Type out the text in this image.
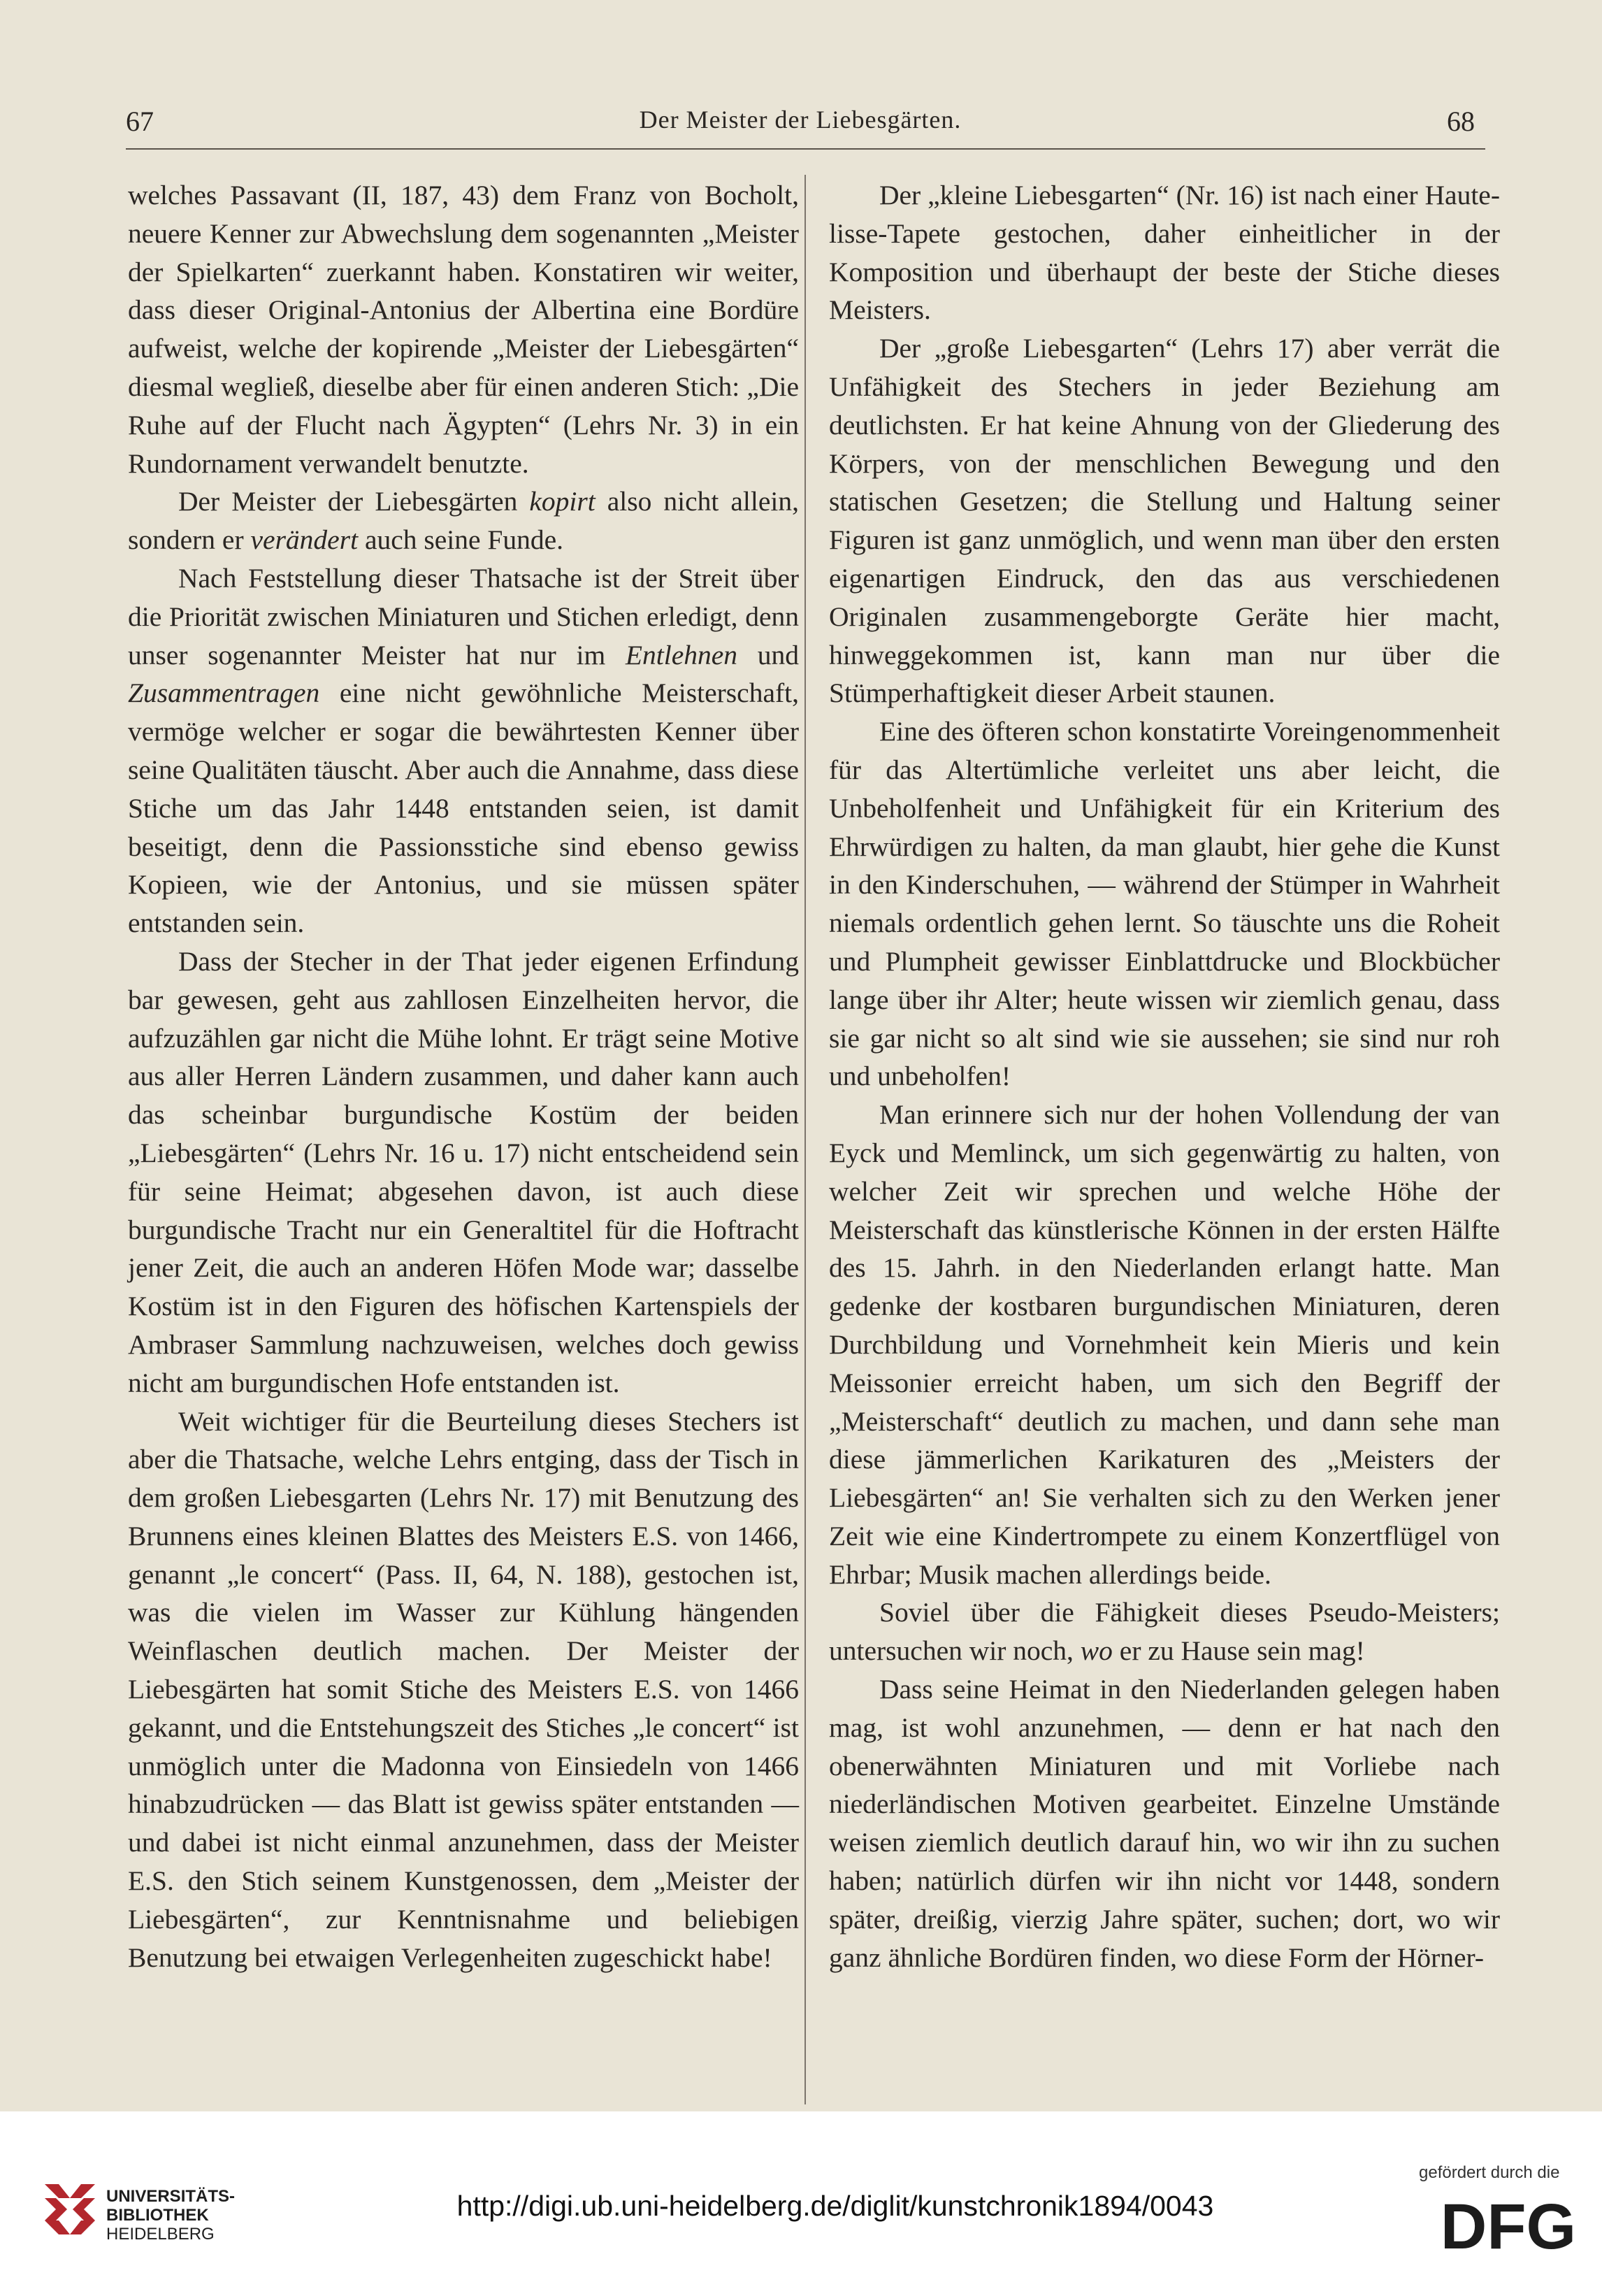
67	Der Meister der Liebesgärten.	68

welches Passavant (II, 187, 43) dem Franz von Bocholt, neuere Kenner zur Abwechslung dem sogenannten „Meister der Spielkarten“ zuerkannt haben. Konstatiren wir weiter, dass dieser Original-Antonius der Albertina eine Bordüre aufweist, welche der kopirende „Meister der Liebesgärten“ diesmal wegließ, dieselbe aber für einen anderen Stich: „Die Ruhe auf der Flucht nach Ägypten“ (Lehrs Nr. 3) in ein Rundornament verwandelt benutzte.

Der Meister der Liebesgärten kopirt also nicht allein, sondern er verändert auch seine Funde.

Nach Feststellung dieser Thatsache ist der Streit über die Priorität zwischen Miniaturen und Stichen erledigt, denn unser sogenannter Meister hat nur im Entlehnen und Zusammentragen eine nicht gewöhnliche Meisterschaft, vermöge welcher er sogar die bewährtesten Kenner über seine Qualitäten täuscht. Aber auch die Annahme, dass diese Stiche um das Jahr 1448 entstanden seien, ist damit beseitigt, denn die Passionsstiche sind ebenso gewiss Kopieen, wie der Antonius, und sie müssen später entstanden sein.

Dass der Stecher in der That jeder eigenen Erfindung bar gewesen, geht aus zahllosen Einzelheiten hervor, die aufzuzählen gar nicht die Mühe lohnt. Er trägt seine Motive aus aller Herren Ländern zusammen, und daher kann auch das scheinbar burgundische Kostüm der beiden „Liebesgärten“ (Lehrs Nr. 16 u. 17) nicht entscheidend sein für seine Heimat; abgesehen davon, ist auch diese burgundische Tracht nur ein Generaltitel für die Hoftracht jener Zeit, die auch an anderen Höfen Mode war; dasselbe Kostüm ist in den Figuren des höfischen Kartenspiels der Ambraser Sammlung nachzuweisen, welches doch gewiss nicht am burgundischen Hofe entstanden ist.

Weit wichtiger für die Beurteilung dieses Stechers ist aber die Thatsache, welche Lehrs entging, dass der Tisch in dem großen Liebesgarten (Lehrs Nr. 17) mit Benutzung des Brunnens eines kleinen Blattes des Meisters E.S. von 1466, genannt „le concert“ (Pass. II, 64, N. 188), gestochen ist, was die vielen im Wasser zur Kühlung hängenden Weinflaschen deutlich machen. Der Meister der Liebesgärten hat somit Stiche des Meisters E.S. von 1466 gekannt, und die Entstehungszeit des Stiches „le concert“ ist unmöglich unter die Madonna von Einsiedeln von 1466 hinabzudrücken — das Blatt ist gewiss später entstanden — und dabei ist nicht einmal anzunehmen, dass der Meister E.S. den Stich seinem Kunstgenossen, dem „Meister der Liebesgärten“, zur Kenntnisnahme und beliebigen Benutzung bei etwaigen Verlegenheiten zugeschickt habe!

Der „kleine Liebesgarten“ (Nr. 16) ist nach einer Haute-lisse-Tapete gestochen, daher einheitlicher in der Komposition und überhaupt der beste der Stiche dieses Meisters.

Der „große Liebesgarten“ (Lehrs 17) aber verrät die Unfähigkeit des Stechers in jeder Beziehung am deutlichsten. Er hat keine Ahnung von der Gliederung des Körpers, von der menschlichen Bewegung und den statischen Gesetzen; die Stellung und Haltung seiner Figuren ist ganz unmöglich, und wenn man über den ersten eigenartigen Eindruck, den das aus verschiedenen Originalen zusammengeborgte Geräte hier macht, hinweggekommen ist, kann man nur über die Stümperhaftigkeit dieser Arbeit staunen.

Eine des öfteren schon konstatirte Voreingenommenheit für das Altertümliche verleitet uns aber leicht, die Unbeholfenheit und Unfähigkeit für ein Kriterium des Ehrwürdigen zu halten, da man glaubt, hier gehe die Kunst in den Kinderschuhen, — während der Stümper in Wahrheit niemals ordentlich gehen lernt. So täuschte uns die Roheit und Plumpheit gewisser Einblattdrucke und Blockbücher lange über ihr Alter; heute wissen wir ziemlich genau, dass sie gar nicht so alt sind wie sie aussehen; sie sind nur roh und unbeholfen!

Man erinnere sich nur der hohen Vollendung der van Eyck und Memlinck, um sich gegenwärtig zu halten, von welcher Zeit wir sprechen und welche Höhe der Meisterschaft das künstlerische Können in der ersten Hälfte des 15. Jahrh. in den Niederlanden erlangt hatte. Man gedenke der kostbaren burgundischen Miniaturen, deren Durchbildung und Vornehmheit kein Mieris und kein Meissonier erreicht haben, um sich den Begriff der „Meisterschaft“ deutlich zu machen, und dann sehe man diese jämmerlichen Karikaturen des „Meisters der Liebesgärten“ an! Sie verhalten sich zu den Werken jener Zeit wie eine Kindertrompete zu einem Konzertflügel von Ehrbar; Musik machen allerdings beide.

Soviel über die Fähigkeit dieses Pseudo-Meisters; untersuchen wir noch, wo er zu Hause sein mag!

Dass seine Heimat in den Niederlanden gelegen haben mag, ist wohl anzunehmen, — denn er hat nach den obenerwähnten Miniaturen und mit Vorliebe nach niederländischen Motiven gearbeitet. Einzelne Umstände weisen ziemlich deutlich darauf hin, wo wir ihn zu suchen haben; natürlich dürfen wir ihn nicht vor 1448, sondern später, dreißig, vierzig Jahre später, suchen; dort, wo wir ganz ähnliche Bordüren finden, wo diese Form der Hörner-

UNIVERSITÄTS-
BIBLIOTHEK
HEIDELBERG
http://digi.ub.uni-heidelberg.de/diglit/kunstchronik1894/0043
gefördert durch die
DFG
